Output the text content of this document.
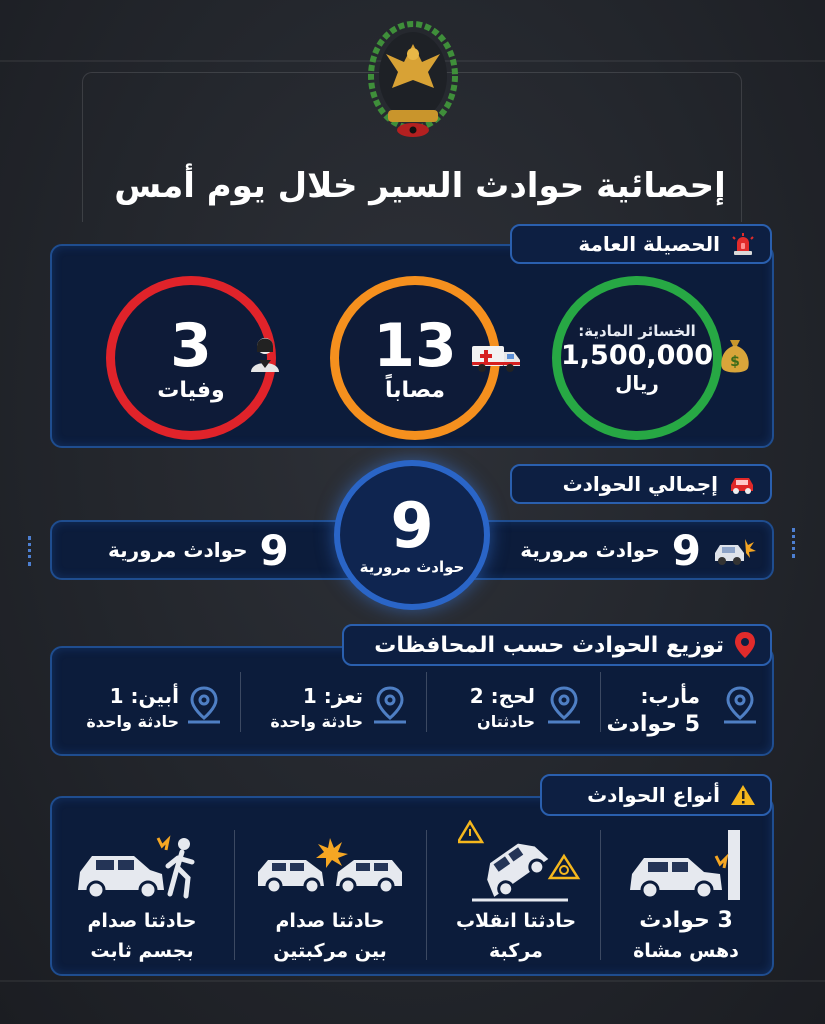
إحصائية حوادث السير خلال يوم أمس
الحصيلة العامة
الخسائر المادية:
1,500,000
ريال
$
13
مصاباً
3
وفيات
إجمالي الحوادث
9
حوادث مرورية
9
حوادث مرورية 9
حوادث مرورية
توزيع الحوادث حسب المحافظات
مأرب:
5 حوادث
لحج: 2
حادثتان
تعز: 1
حادثة واحدة
أبين: 1
حادثة واحدة
أنواع الحوادث
3 حوادث
دهس مشاة
حادثتا انقلاب
مركبة
حادثتا صدام
بين مركبتين
حادثتا صدام
بجسم ثابت
